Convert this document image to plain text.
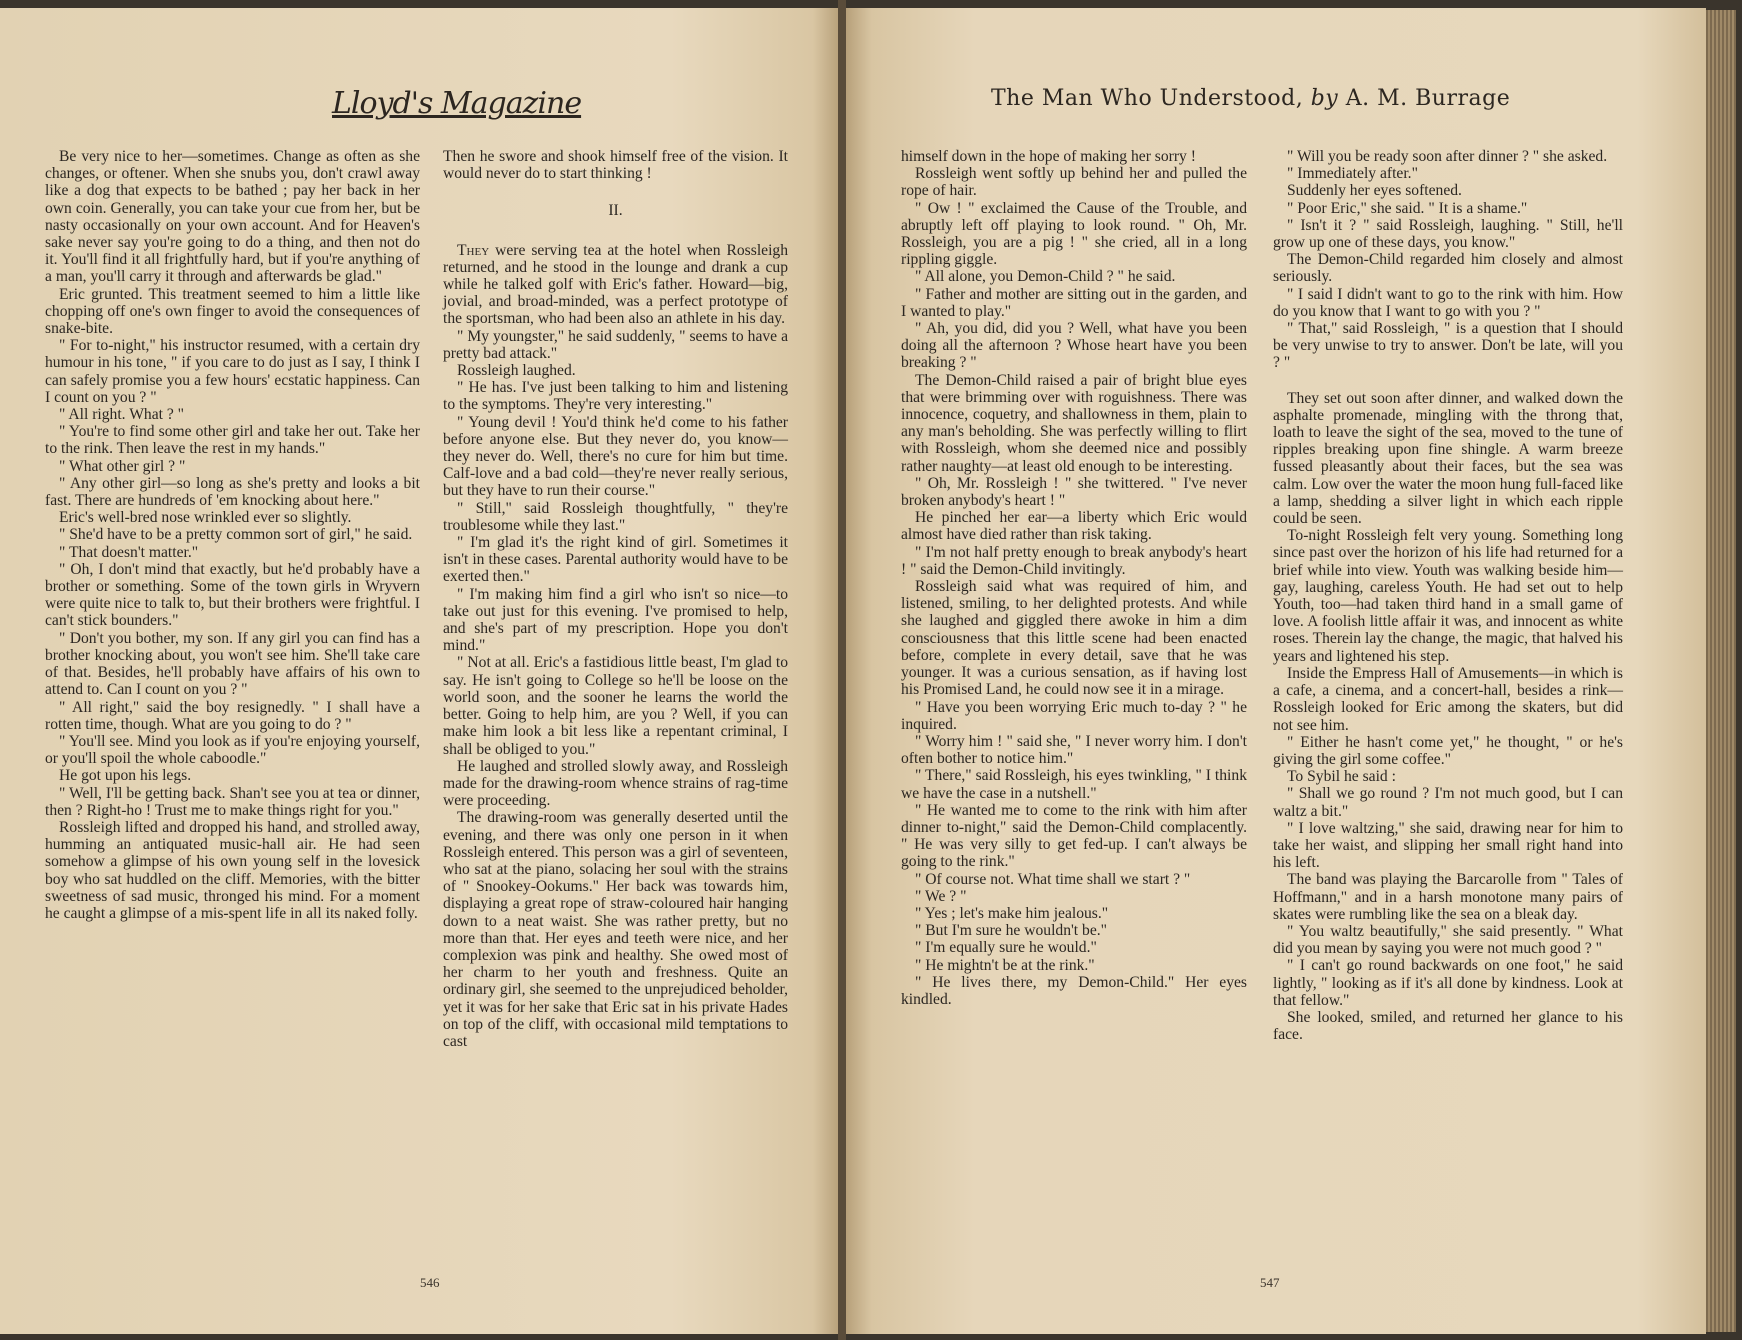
Lloyd's Magazine

Be very nice to her—sometimes. Change as often as she changes, or oftener. When she snubs you, don't crawl away like a dog that expects to be bathed ; pay her back in her own coin. Generally, you can take your cue from her, but be nasty occasionally on your own account. And for Heaven's sake never say you're going to do a thing, and then not do it. You'll find it all frightfully hard, but if you're anything of a man, you'll carry it through and afterwards be glad."

Eric grunted. This treatment seemed to him a little like chopping off one's own finger to avoid the consequences of snake-bite.

" For to-night," his instructor resumed, with a certain dry humour in his tone, " if you care to do just as I say, I think I can safely promise you a few hours' ecstatic happiness. Can I count on you ? "

" All right. What ? "

" You're to find some other girl and take her out. Take her to the rink. Then leave the rest in my hands."

" What other girl ? "

" Any other girl—so long as she's pretty and looks a bit fast. There are hundreds of 'em knocking about here."

Eric's well-bred nose wrinkled ever so slightly.

" She'd have to be a pretty common sort of girl," he said.

" That doesn't matter."

" Oh, I don't mind that exactly, but he'd probably have a brother or something. Some of the town girls in Wryvern were quite nice to talk to, but their brothers were frightful. I can't stick bounders."

" Don't you bother, my son. If any girl you can find has a brother knocking about, you won't see him. She'll take care of that. Besides, he'll probably have affairs of his own to attend to. Can I count on you ? "

" All right," said the boy resignedly. " I shall have a rotten time, though. What are you going to do ? "

" You'll see. Mind you look as if you're enjoying yourself, or you'll spoil the whole caboodle."

He got upon his legs.

" Well, I'll be getting back. Shan't see you at tea or dinner, then ? Right-ho ! Trust me to make things right for you."

Rossleigh lifted and dropped his hand, and strolled away, humming an antiquated music-hall air. He had seen somehow a glimpse of his own young self in the lovesick boy who sat huddled on the cliff. Memories, with the bitter sweetness of sad music, thronged his mind. For a moment he caught a glimpse of a mis-spent life in all its naked folly.

Then he swore and shook himself free of the vision. It would never do to start thinking !

II.

They were serving tea at the hotel when Rossleigh returned, and he stood in the lounge and drank a cup while he talked golf with Eric's father. Howard—big, jovial, and broad-minded, was a perfect prototype of the sportsman, who had been also an athlete in his day.

" My youngster," he said suddenly, " seems to have a pretty bad attack."

Rossleigh laughed.

" He has. I've just been talking to him and listening to the symptoms. They're very interesting."

" Young devil ! You'd think he'd come to his father before anyone else. But they never do, you know—they never do. Well, there's no cure for him but time. Calf-love and a bad cold—they're never really serious, but they have to run their course."

" Still," said Rossleigh thoughtfully, " they're troublesome while they last."

" I'm glad it's the right kind of girl. Sometimes it isn't in these cases. Parental authority would have to be exerted then."

" I'm making him find a girl who isn't so nice—to take out just for this evening. I've promised to help, and she's part of my prescription. Hope you don't mind."

" Not at all. Eric's a fastidious little beast, I'm glad to say. He isn't going to College so he'll be loose on the world soon, and the sooner he learns the world the better. Going to help him, are you ? Well, if you can make him look a bit less like a repentant criminal, I shall be obliged to you."

He laughed and strolled slowly away, and Rossleigh made for the drawing-room whence strains of rag-time were proceeding.

The drawing-room was generally deserted until the evening, and there was only one person in it when Rossleigh entered. This person was a girl of seventeen, who sat at the piano, solacing her soul with the strains of " Snookey-Ookums." Her back was towards him, displaying a great rope of straw-coloured hair hanging down to a neat waist. She was rather pretty, but no more than that. Her eyes and teeth were nice, and her complexion was pink and healthy. She owed most of her charm to her youth and freshness. Quite an ordinary girl, she seemed to the unprejudiced beholder, yet it was for her sake that Eric sat in his private Hades on top of the cliff, with occasional mild temptations to cast

546
The Man Who Understood, by A. M. Burrage

himself down in the hope of making her sorry !

Rossleigh went softly up behind her and pulled the rope of hair.

" Ow ! " exclaimed the Cause of the Trouble, and abruptly left off playing to look round. " Oh, Mr. Rossleigh, you are a pig ! " she cried, all in a long rippling giggle.

" All alone, you Demon-Child ? " he said.

" Father and mother are sitting out in the garden, and I wanted to play."

" Ah, you did, did you ? Well, what have you been doing all the afternoon ? Whose heart have you been breaking ? "

The Demon-Child raised a pair of bright blue eyes that were brimming over with roguishness. There was innocence, coquetry, and shallowness in them, plain to any man's beholding. She was perfectly willing to flirt with Rossleigh, whom she deemed nice and possibly rather naughty—at least old enough to be interesting.

" Oh, Mr. Rossleigh ! " she twittered. " I've never broken anybody's heart ! "

He pinched her ear—a liberty which Eric would almost have died rather than risk taking.

" I'm not half pretty enough to break anybody's heart ! " said the Demon-Child invitingly.

Rossleigh said what was required of him, and listened, smiling, to her delighted protests. And while she laughed and giggled there awoke in him a dim consciousness that this little scene had been enacted before, complete in every detail, save that he was younger. It was a curious sensation, as if having lost his Promised Land, he could now see it in a mirage.

" Have you been worrying Eric much to-day ? " he inquired.

" Worry him ! " said she, " I never worry him. I don't often bother to notice him."

" There," said Rossleigh, his eyes twinkling, " I think we have the case in a nutshell."

" He wanted me to come to the rink with him after dinner to-night," said the Demon-Child complacently. " He was very silly to get fed-up. I can't always be going to the rink."

" Of course not. What time shall we start ? "

" We ? "

" Yes ; let's make him jealous."

" But I'm sure he wouldn't be."

" I'm equally sure he would."

" He mightn't be at the rink."

" He lives there, my Demon-Child." Her eyes kindled.

" Will you be ready soon after dinner ? " she asked.

" Immediately after."

Suddenly her eyes softened.

" Poor Eric," she said. " It is a shame."

" Isn't it ? " said Rossleigh, laughing. " Still, he'll grow up one of these days, you know."

The Demon-Child regarded him closely and almost seriously.

" I said I didn't want to go to the rink with him. How do you know that I want to go with you ? "

" That," said Rossleigh, " is a question that I should be very unwise to try to answer. Don't be late, will you ? "

They set out soon after dinner, and walked down the asphalte promenade, mingling with the throng that, loath to leave the sight of the sea, moved to the tune of ripples breaking upon fine shingle. A warm breeze fussed pleasantly about their faces, but the sea was calm. Low over the water the moon hung full-faced like a lamp, shedding a silver light in which each ripple could be seen.

To-night Rossleigh felt very young. Something long since past over the horizon of his life had returned for a brief while into view. Youth was walking beside him—gay, laughing, careless Youth. He had set out to help Youth, too—had taken third hand in a small game of love. A foolish little affair it was, and innocent as white roses. Therein lay the change, the magic, that halved his years and lightened his step.

Inside the Empress Hall of Amusements—in which is a cafe, a cinema, and a concert-hall, besides a rink—Rossleigh looked for Eric among the skaters, but did not see him.

" Either he hasn't come yet," he thought, " or he's giving the girl some coffee."

To Sybil he said :

" Shall we go round ? I'm not much good, but I can waltz a bit."

" I love waltzing," she said, drawing near for him to take her waist, and slipping her small right hand into his left.

The band was playing the Barcarolle from " Tales of Hoffmann," and in a harsh monotone many pairs of skates were rumbling like the sea on a bleak day.

" You waltz beautifully," she said presently. " What did you mean by saying you were not much good ? "

" I can't go round backwards on one foot," he said lightly, " looking as if it's all done by kindness. Look at that fellow."

She looked, smiled, and returned her glance to his face.

547
